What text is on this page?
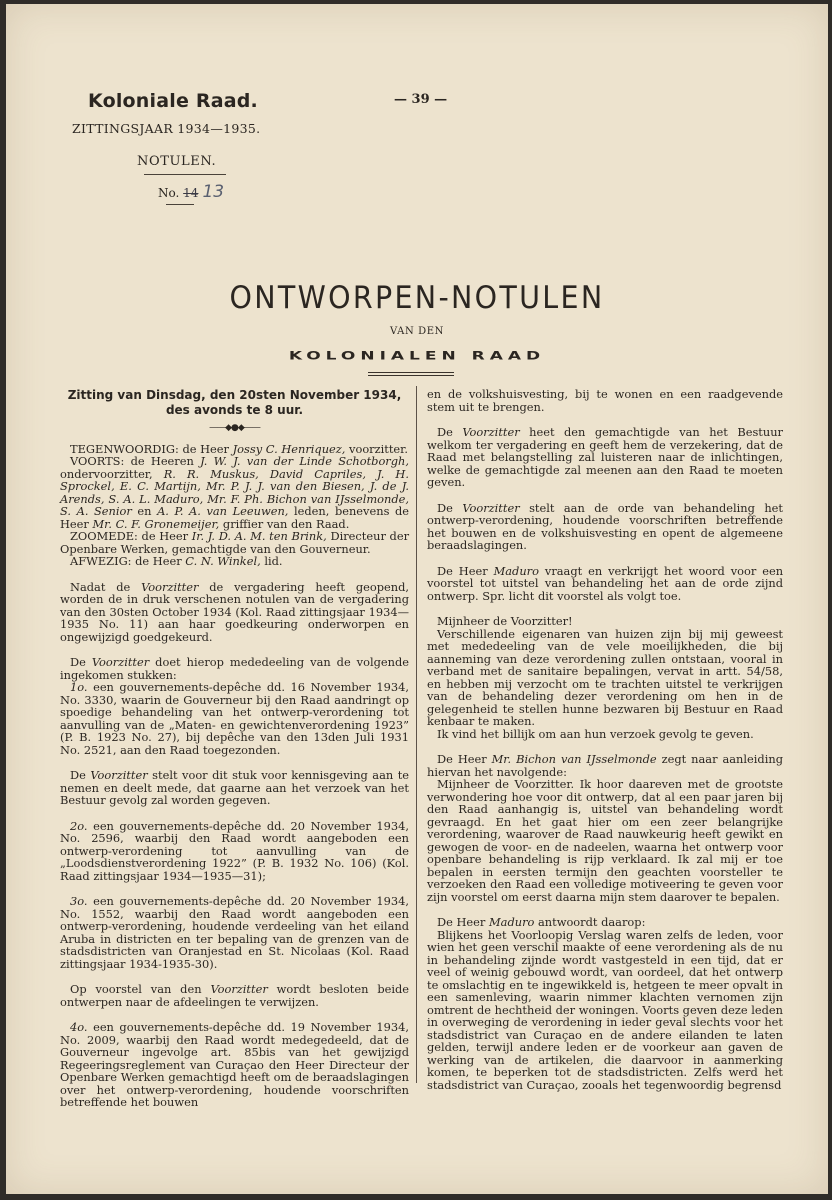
Koloniale Raad.
ZITTINGSJAAR 1934—1935.
— 39 —
NOTULEN.
No. 14 13
ONTWORPEN-NOTULEN
VAN DEN
KOLONIALEN RAAD
Zitting van Dinsdag, den 20sten November 1934, des avonds te 8 uur.
——◆●◆——

TEGENWOORDIG: de Heer Jossy C. Henriquez, voorzitter.

VOORTS: de Heeren J. W. J. van der Linde Schotborgh, ondervoorzitter, R. R. Muskus, David Capriles, J. H. Sprockel, E. C. Martijn, Mr. P. J. J. van den Biesen, J. de J. Arends, S. A. L. Maduro, Mr. F. Ph. Bichon van IJsselmonde, S. A. Senior en A. P. A. van Leeuwen, leden, benevens de Heer Mr. C. F. Gronemeijer, griffier van den Raad.

ZOOMEDE: de Heer Ir. J. D. A. M. ten Brink, Directeur der Openbare Werken, gemachtigde van den Gouverneur.

AFWEZIG: de Heer C. N. Winkel, lid.

Nadat de Voorzitter de vergadering heeft geopend, worden de in druk verschenen notulen van de vergadering van den 30sten October 1934 (Kol. Raad zittingsjaar 1934—1935 No. 11) aan haar goedkeuring onderworpen en ongewijzigd goedgekeurd.

De Voorzitter doet hierop mededeeling van de volgende ingekomen stukken:

1o. een gouvernements-depêche dd. 16 November 1934, No. 3330, waarin de Gouverneur bij den Raad aandringt op spoedige behandeling van het ontwerp-verordening tot aanvulling van de „Maten- en gewichtenverordening 1923” (P. B. 1923 No. 27), bij depêche van den 13den Juli 1931 No. 2521, aan den Raad toegezonden.

De Voorzitter stelt voor dit stuk voor kennisgeving aan te nemen en deelt mede, dat gaarne aan het verzoek van het Bestuur gevolg zal worden gegeven.

2o. een gouvernements-depêche dd. 20 November 1934, No. 2596, waarbij den Raad wordt aangeboden een ontwerp-verordening tot aanvulling van de „Loodsdienstverordening 1922” (P. B. 1932 No. 106) (Kol. Raad zittingsjaar 1934—1935—31);

3o. een gouvernements-depêche dd. 20 November 1934, No. 1552, waarbij den Raad wordt aangeboden een ontwerp-verordening, houdende verdeeling van het eiland Aruba in districten en ter bepaling van de grenzen van de stadsdistricten van Oranjestad en St. Nicolaas (Kol. Raad zittingsjaar 1934-1935-30).

Op voorstel van den Voorzitter wordt besloten beide ontwerpen naar de afdeelingen te verwijzen.

4o. een gouvernements-depêche dd. 19 November 1934, No. 2009, waarbij den Raad wordt medegedeeld, dat de Gouverneur ingevolge art. 85bis van het gewijzigd Regeeringsreglement van Curaçao den Heer Directeur der Openbare Werken gemachtigd heeft om de beraadslagingen over het ontwerp-verordening, houdende voorschriften betreffende het bouwen

en de volkshuisvesting, bij te wonen en een raadgevende stem uit te brengen.

De Voorzitter heet den gemachtigde van het Bestuur welkom ter vergadering en geeft hem de verzekering, dat de Raad met belangstelling zal luisteren naar de inlichtingen, welke de gemachtigde zal meenen aan den Raad te moeten geven.

De Voorzitter stelt aan de orde van behandeling het ontwerp-verordening, houdende voorschriften betreffende het bouwen en de volkshuisvesting en opent de algemeene beraadslagingen.

De Heer Maduro vraagt en verkrijgt het woord voor een voorstel tot uitstel van behandeling het aan de orde zijnd ontwerp. Spr. licht dit voorstel als volgt toe.

Mijnheer de Voorzitter!

Verschillende eigenaren van huizen zijn bij mij geweest met mededeeling van de vele moeilijkheden, die bij aanneming van deze verordening zullen ontstaan, vooral in verband met de sanitaire bepalingen, vervat in artt. 54/58, en hebben mij verzocht om te trachten uitstel te verkrijgen van de behandeling dezer verordening om hen in de gelegenheid te stellen hunne bezwaren bij Bestuur en Raad kenbaar te maken.

Ik vind het billijk om aan hun verzoek gevolg te geven.

De Heer Mr. Bichon van IJsselmonde zegt naar aanleiding hiervan het navolgende:

Mijnheer de Voorzitter. Ik hoor daareven met de grootste verwondering hoe voor dit ontwerp, dat al een paar jaren bij den Raad aanhangig is, uitstel van behandeling wordt gevraagd. En het gaat hier om een zeer belangrijke verordening, waarover de Raad nauwkeurig heeft gewikt en gewogen de voor- en de nadeelen, waarna het ontwerp voor openbare behandeling is rijp verklaard. Ik zal mij er toe bepalen in eersten termijn den geachten voorsteller te verzoeken den Raad een volledige motiveering te geven voor zijn voorstel om eerst daarna mijn stem daarover te bepalen.

De Heer Maduro antwoordt daarop:

Blijkens het Voorloopig Verslag waren zelfs de leden, voor wien het geen verschil maakte of eene verordening als de nu in behandeling zijnde wordt vastgesteld in een tijd, dat er veel of weinig gebouwd wordt, van oordeel, dat het ontwerp te omslachtig en te ingewikkeld is, hetgeen te meer opvalt in een samenleving, waarin nimmer klachten vernomen zijn omtrent de hechtheid der woningen. Voorts geven deze leden in overweging de verordening in ieder geval slechts voor het stadsdistrict van Curaçao en de andere eilanden te laten gelden, terwijl andere leden er de voorkeur aan gaven de werking van de artikelen, die daarvoor in aanmerking komen, te beperken tot de stadsdistricten. Zelfs werd het stadsdistrict van Curaçao, zooals het tegenwoordig begrensd
